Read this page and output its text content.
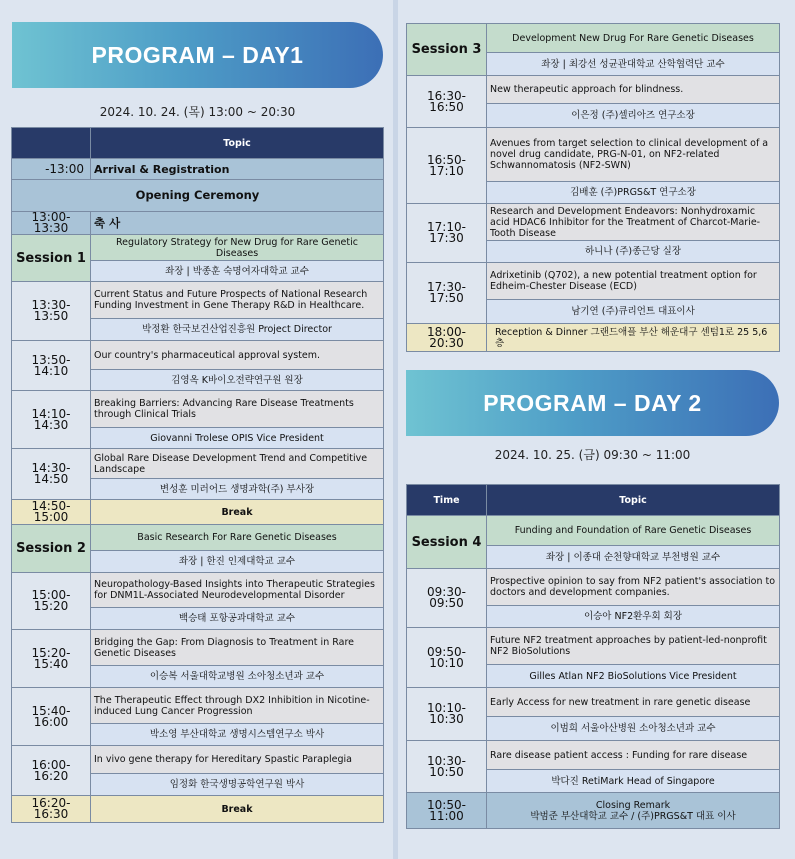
PROGRAM – DAY1
2024. 10. 24. (목) 13:00 ~ 20:30
	Topic
-13:00	Arrival & Registration
Opening Ceremony	
13:00-13:30	축 사
Session 1	Regulatory Strategy for New Drug for Rare Genetic Diseases
	좌장 | 박종훈 숙명여자대학교 교수
13:30-13:50	Current Status and Future Prospects of National Research Funding Investment in Gene Therapy R&D in Healthcare.
	박정환 한국보건산업진흥원 Project Director
13:50-14:10	Our country's pharmaceutical approval system.
	김영옥 K바이오전략연구원 원장
14:10-14:30	Breaking Barriers: Advancing Rare Disease Treatments through Clinical Trials
	Giovanni Trolese OPIS Vice President
14:30-14:50	Global Rare Disease Development Trend and Competitive Landscape
	변성훈 미러어드 생명과학(주) 부사장
14:50-15:00	Break
Session 2	Basic Research For Rare Genetic Diseases
	좌장 | 한진 인제대학교 교수
15:00-15:20	Neuropathology-Based Insights into Therapeutic Strategies for DNM1L-Associated Neurodevelopmental Disorder
	백승태 포항공과대학교 교수
15:20-15:40	Bridging the Gap: From Diagnosis to Treatment in Rare Genetic Diseases
	이승복 서울대학교병원 소아청소년과 교수
15:40-16:00	The Therapeutic Effect through DX2 Inhibition in Nicotine-induced Lung Cancer Progression
	박소영 부산대학교 생명시스템연구소 박사
16:00-16:20	In vivo gene therapy for Hereditary Spastic Paraplegia
	임정화 한국생명공학연구원 박사
16:20-16:30	Break
Session 3	Development New Drug For Rare Genetic Diseases
	좌장 | 최강선 성균관대학교 산학협력단 교수
16:30-16:50	New therapeutic approach for blindness.
	이은정 (주)셀리아즈 연구소장
16:50-17:10	Avenues from target selection to clinical development of a novel drug candidate, PRG-N-01, on NF2-related Schwannomatosis (NF2-SWN)
	김배훈 (주)PRGS&T 연구소장
17:10-17:30	Research and Development Endeavors: Nonhydroxamic acid HDAC6 Inhibitor for the Treatment of Charcot-Marie-Tooth Disease
	하니나 (주)종근당 실장
17:30-17:50	Adrixetinib (Q702), a new potential treatment option for Edheim-Chester Disease (ECD)
	남기연 (주)큐리언트 대표이사
18:00-20:30	Reception & Dinner 그랜드애플 부산 해운대구 센텀1로 25 5,6층
PROGRAM – DAY 2
2024. 10. 25. (금) 09:30 ~ 11:00
Time	Topic
Session 4	Funding and Foundation of Rare Genetic Diseases
	좌장 | 이종대 순천향대학교 부천병원 교수
09:30-09:50	Prospective opinion to say from NF2 patient's association to doctors and development companies.
	이승아 NF2환우회 회장
09:50-10:10	Future NF2 treatment approaches by patient-led-nonprofit NF2 BioSolutions
	Gilles Atlan NF2 BioSolutions Vice President
10:10-10:30	Early Access for new treatment in rare genetic disease
	이범희 서울아산병원 소아청소년과 교수
10:30-10:50	Rare disease patient access : Funding for rare disease
	박다진 RetiMark Head of Singapore
10:50-11:00	Closing Remark
박범준 부산대학교 교수 / (주)PRGS&T 대표 이사
